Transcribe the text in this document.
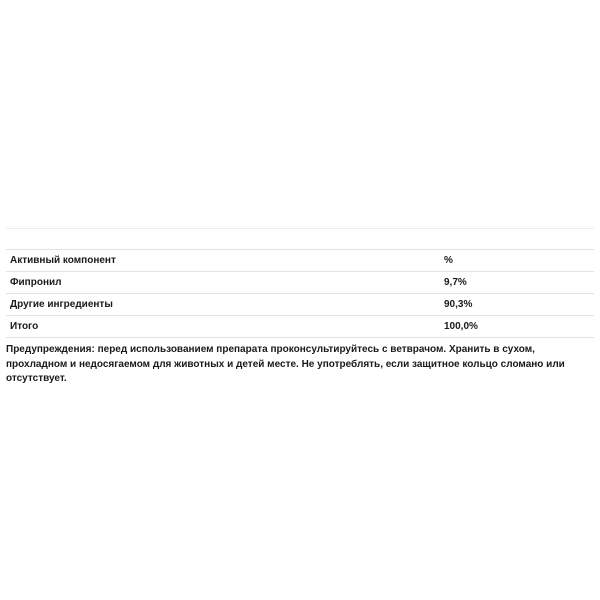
Активный компонент	%
Фипронил	9,7%
Другие ингредиенты	90,3%
Итого	100,0%

Предупреждения: перед использованием препарата проконсультируйтесь с ветврачом. Хранить в сухом, прохладном и недосягаемом для животных и детей месте. Не употреблять, если защитное кольцо сломано или отсутствует.
